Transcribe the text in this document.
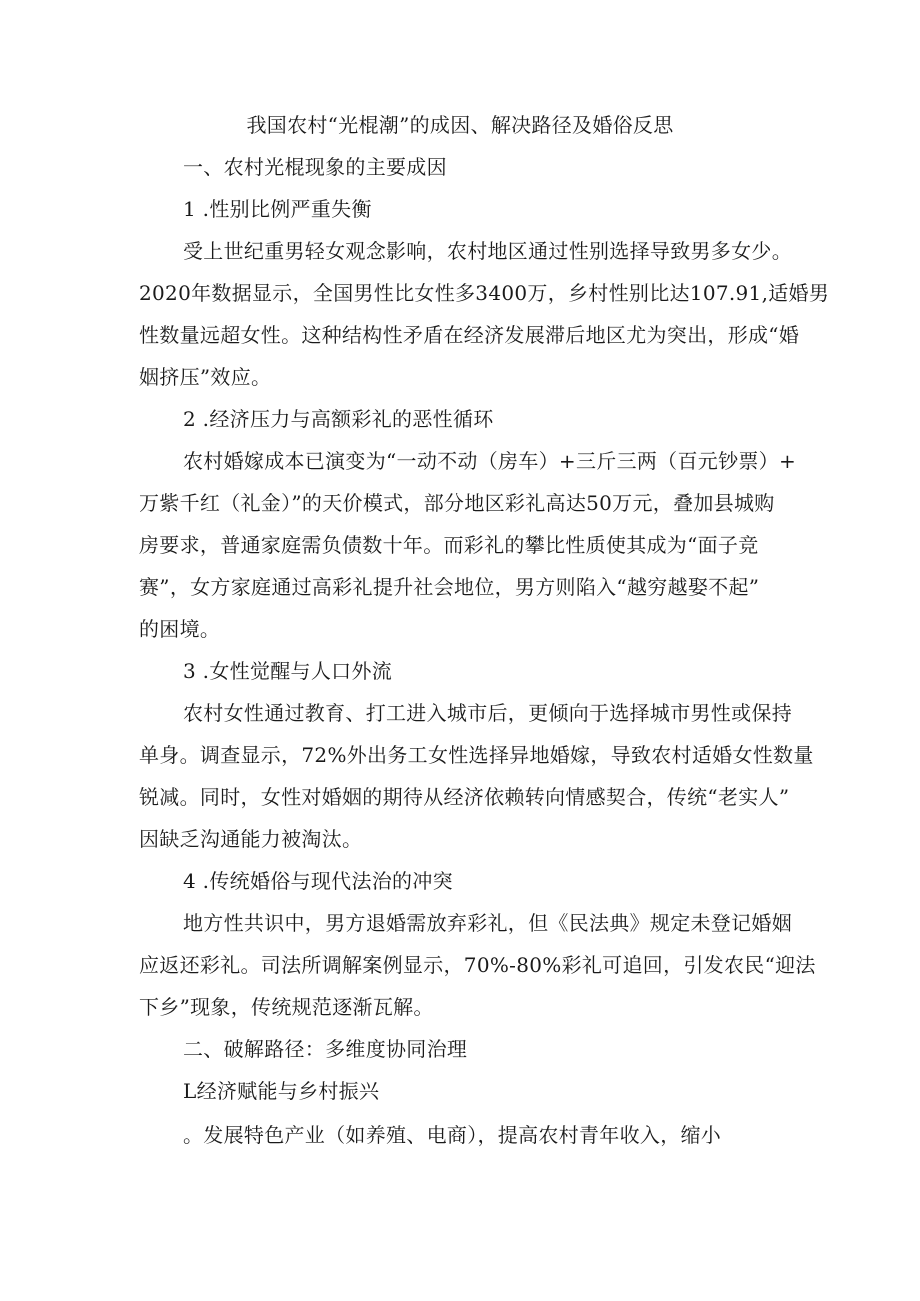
我国农村“光棍潮”的成因、解决路径及婚俗反思
一、农村光棍现象的主要成因
1 .性别比例严重失衡
受上世纪重男轻女观念影响，农村地区通过性别选择导致男多女少。
2020年数据显示，全国男性比女性多3400万，乡村性别比达107.91,适婚男
性数量远超女性。这种结构性矛盾在经济发展滞后地区尤为突出，形成“婚
姻挤压”效应。
2 .经济压力与高额彩礼的恶性循环
农村婚嫁成本已演变为“一动不动（房车）+三斤三两（百元钞票）+
万紫千红（礼金）”的天价模式，部分地区彩礼高达50万元，叠加县城购
房要求，普通家庭需负债数十年。而彩礼的攀比性质使其成为“面子竞
赛”，女方家庭通过高彩礼提升社会地位，男方则陷入“越穷越娶不起”
的困境。
3 .女性觉醒与人口外流
农村女性通过教育、打工进入城市后，更倾向于选择城市男性或保持
单身。调查显示，72%外出务工女性选择异地婚嫁，导致农村适婚女性数量
锐减。同时，女性对婚姻的期待从经济依赖转向情感契合，传统“老实人”
因缺乏沟通能力被淘汰。
4 .传统婚俗与现代法治的冲突
地方性共识中，男方退婚需放弃彩礼，但《民法典》规定未登记婚姻
应返还彩礼。司法所调解案例显示，70%-80%彩礼可追回，引发农民“迎法
下乡”现象，传统规范逐渐瓦解。
二、破解路径：多维度协同治理
L经济赋能与乡村振兴
。发展特色产业（如养殖、电商），提高农村青年收入，缩小
